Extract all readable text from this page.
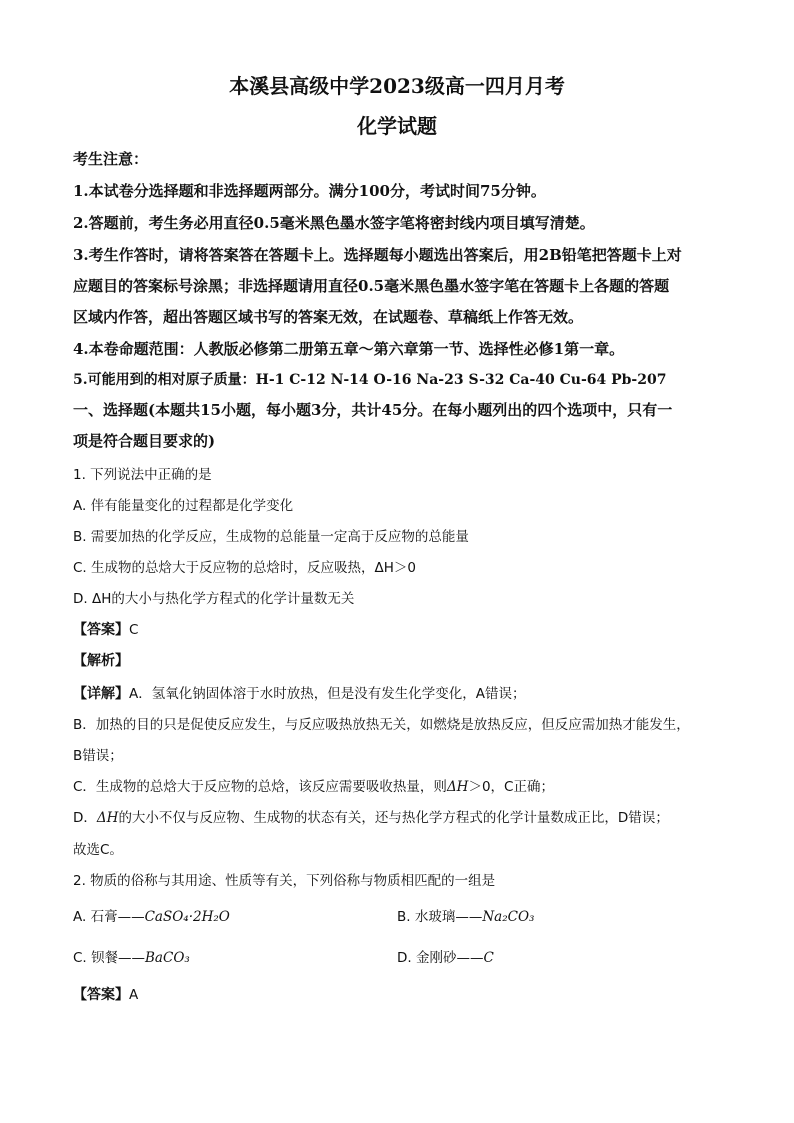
本溪县高级中学2023级高一四月月考
化学试题
考生注意：
1.本试卷分选择题和非选择题两部分。满分100分，考试时间75分钟。
2.答题前，考生务必用直径0.5毫米黑色墨水签字笔将密封线内项目填写清楚。
3.考生作答时，请将答案答在答题卡上。选择题每小题选出答案后，用2B铅笔把答题卡上对
应题目的答案标号涂黑；非选择题请用直径0.5毫米黑色墨水签字笔在答题卡上各题的答题
区域内作答，超出答题区域书写的答案无效，在试题卷、草稿纸上作答无效。
4.本卷命题范围：人教版必修第二册第五章～第六章第一节、选择性必修1第一章。
5.可能用到的相对原子质量：H-1 C-12 N-14 O-16 Na-23 S-32 Ca-40 Cu-64 Pb-207
一、选择题(本题共15小题，每小题3分，共计45分。在每小题列出的四个选项中，只有一
项是符合题目要求的)
1. 下列说法中正确的是
A. 伴有能量变化的过程都是化学变化
B. 需要加热的化学反应，生成物的总能量一定高于反应物的总能量
C. 生成物的总焓大于反应物的总焓时，反应吸热，ΔH＞0
D. ΔH的大小与热化学方程式的化学计量数无关
【答案】C
【解析】
【详解】A．氢氧化钠固体溶于水时放热，但是没有发生化学变化，A错误；
B．加热的目的只是促使反应发生，与反应吸热放热无关，如燃烧是放热反应，但反应需加热才能发生，
B错误；
C．生成物的总焓大于反应物的总焓，该反应需要吸收热量，则ΔH＞0，C正确；
D．ΔH的大小不仅与反应物、生成物的状态有关，还与热化学方程式的化学计量数成正比，D错误；
故选C。
2. 物质的俗称与其用途、性质等有关，下列俗称与物质相匹配的一组是
A. 石膏——CaSO₄·2H₂O	B. 水玻璃——Na₂CO₃
C. 钡餐——BaCO₃	D. 金刚砂——C
【答案】A
